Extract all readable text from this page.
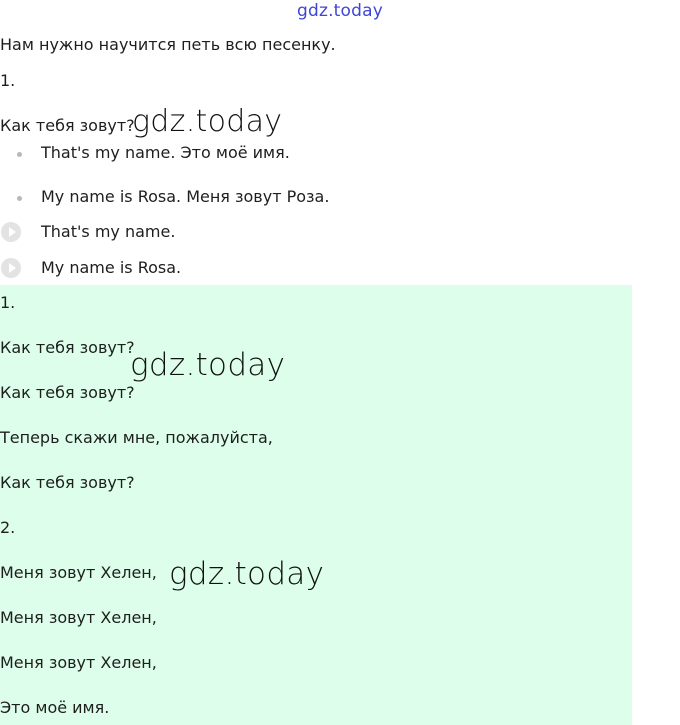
gdz.today
Нам нужно научится петь всю песенку.
1.
Как тебя зовут?
gdz.today
That's my name. Это моё имя.
My name is Rosa. Меня зовут Роза.
That's my name.
My name is Rosa.
1.
Как тебя зовут?
Как тебя зовут?
Теперь скажи мне, пожалуйста,
Как тебя зовут?
2.
Меня зовут Хелен,
Меня зовут Хелен,
Меня зовут Хелен,
Это моё имя.
gdz.today
gdz.today
